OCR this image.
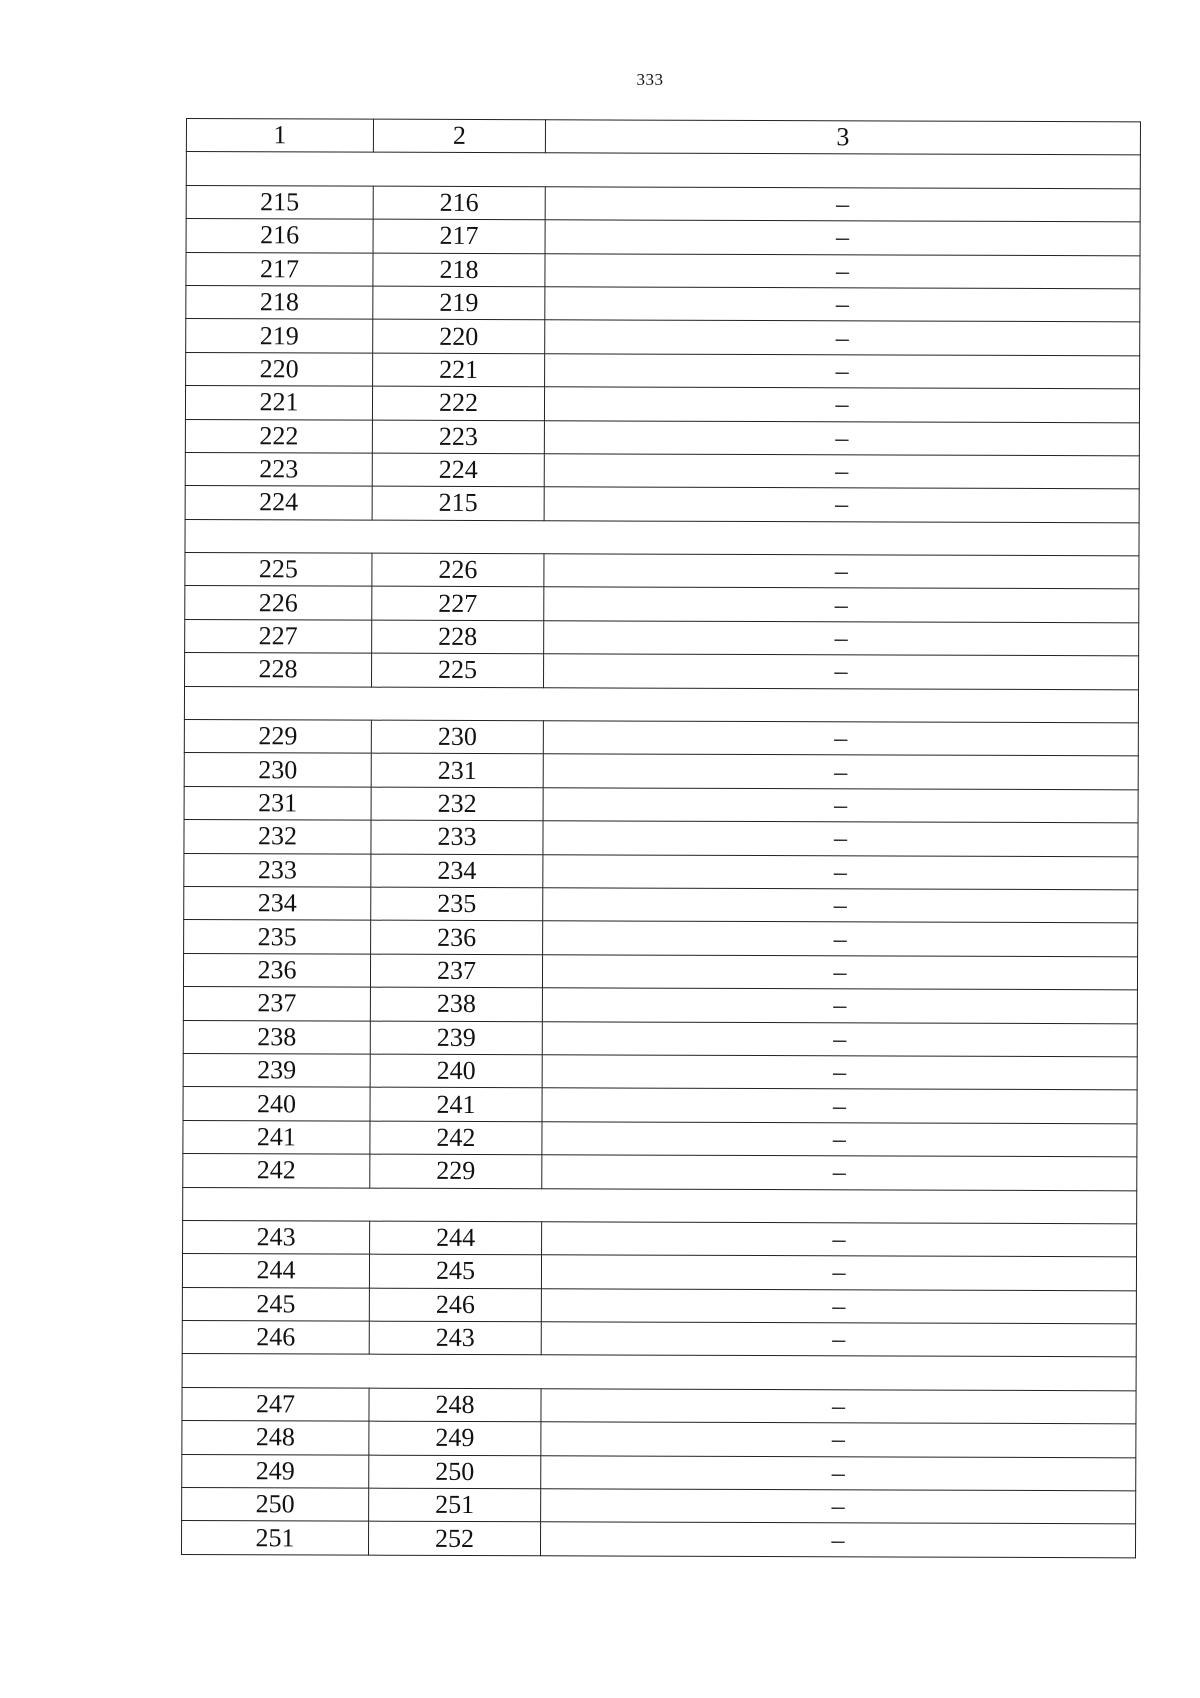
333
1	2	3

215	216	–
216	217	–
217	218	–
218	219	–
219	220	–
220	221	–
221	222	–
222	223	–
223	224	–
224	215	–

225	226	–
226	227	–
227	228	–
228	225	–

229	230	–
230	231	–
231	232	–
232	233	–
233	234	–
234	235	–
235	236	–
236	237	–
237	238	–
238	239	–
239	240	–
240	241	–
241	242	–
242	229	–

243	244	–
244	245	–
245	246	–
246	243	–

247	248	–
248	249	–
249	250	–
250	251	–
251	252	–
